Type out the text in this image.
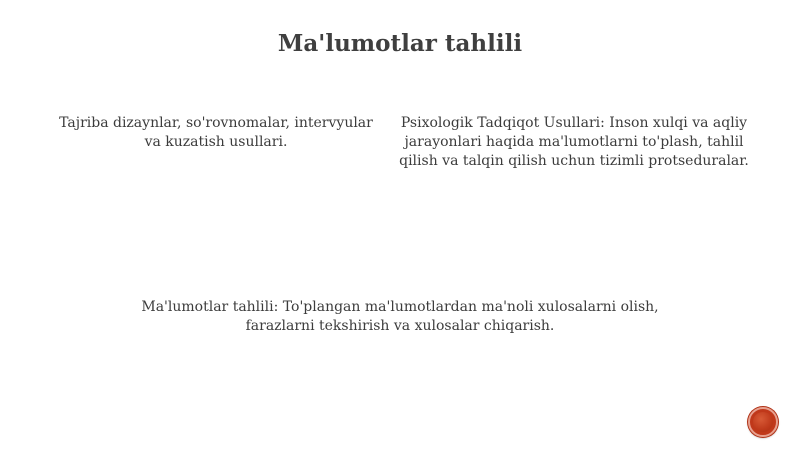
Ma'lumotlar tahlili

Tajriba dizaynlar, so'rovnomalar, intervyular va kuzatish usullari.

Psixologik Tadqiqot Usullari: Inson xulqi va aqliy jarayonlari haqida ma'lumotlarni to'plash, tahlil qilish va talqin qilish uchun tizimli protseduralar.

Ma'lumotlar tahlili: To'plangan ma'lumotlardan ma'noli xulosalarni olish, farazlarni tekshirish va xulosalar chiqarish.
